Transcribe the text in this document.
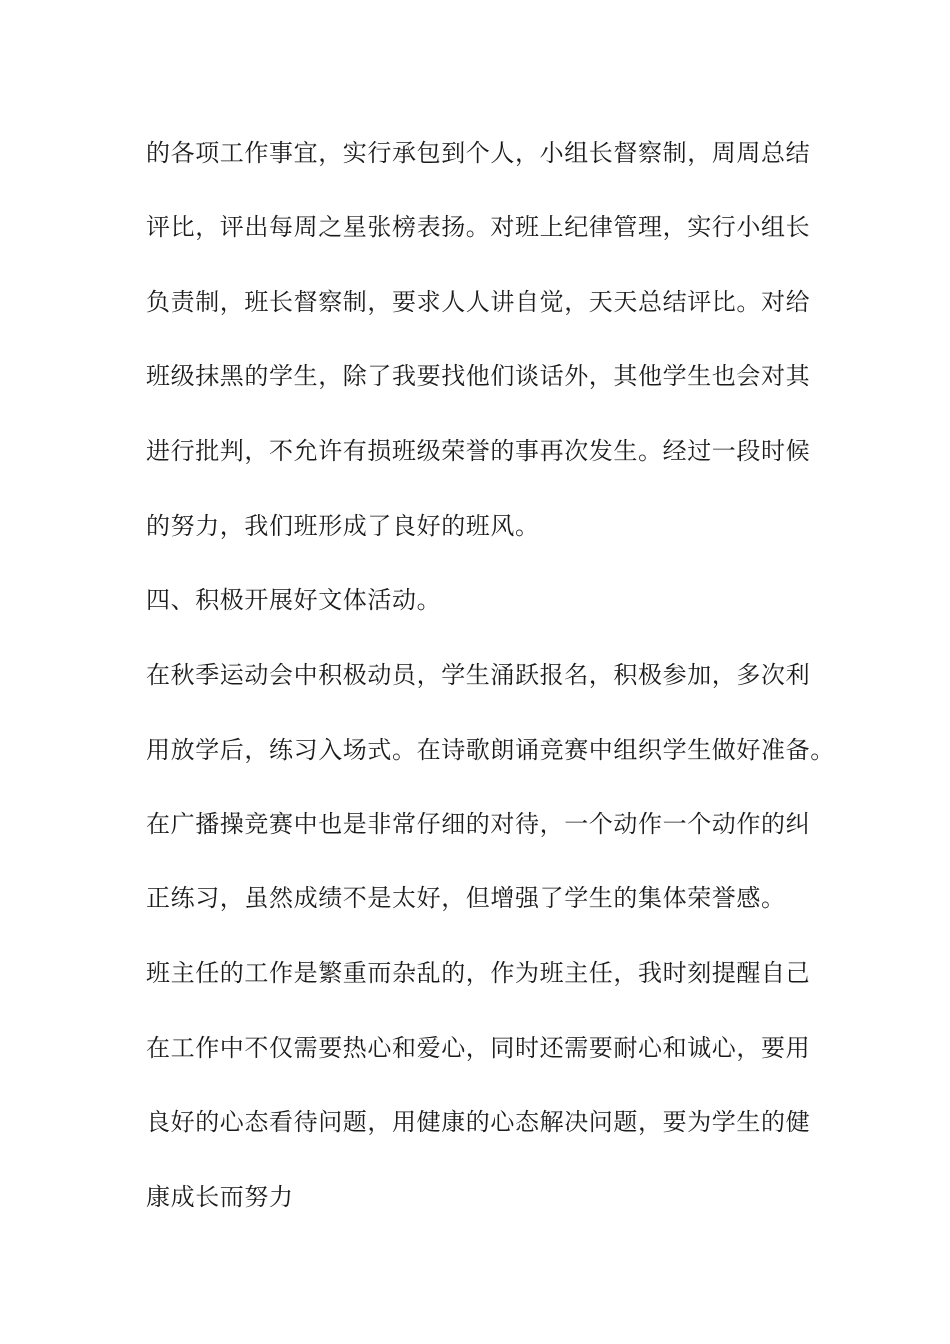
的各项工作事宜，实行承包到个人，小组长督察制，周周总结
评比，评出每周之星张榜表扬。对班上纪律管理，实行小组长
负责制，班长督察制，要求人人讲自觉，天天总结评比。对给
班级抹黑的学生，除了我要找他们谈话外，其他学生也会对其
进行批判，不允许有损班级荣誉的事再次发生。经过一段时候
的努力，我们班形成了良好的班风。
四、积极开展好文体活动。
在秋季运动会中积极动员，学生涌跃报名，积极参加，多次利
用放学后，练习入场式。在诗歌朗诵竞赛中组织学生做好准备。
在广播操竞赛中也是非常仔细的对待，一个动作一个动作的纠
正练习，虽然成绩不是太好，但增强了学生的集体荣誉感。
班主任的工作是繁重而杂乱的，作为班主任，我时刻提醒自己
在工作中不仅需要热心和爱心，同时还需要耐心和诚心，要用
良好的心态看待问题，用健康的心态解决问题，要为学生的健
康成长而努力
